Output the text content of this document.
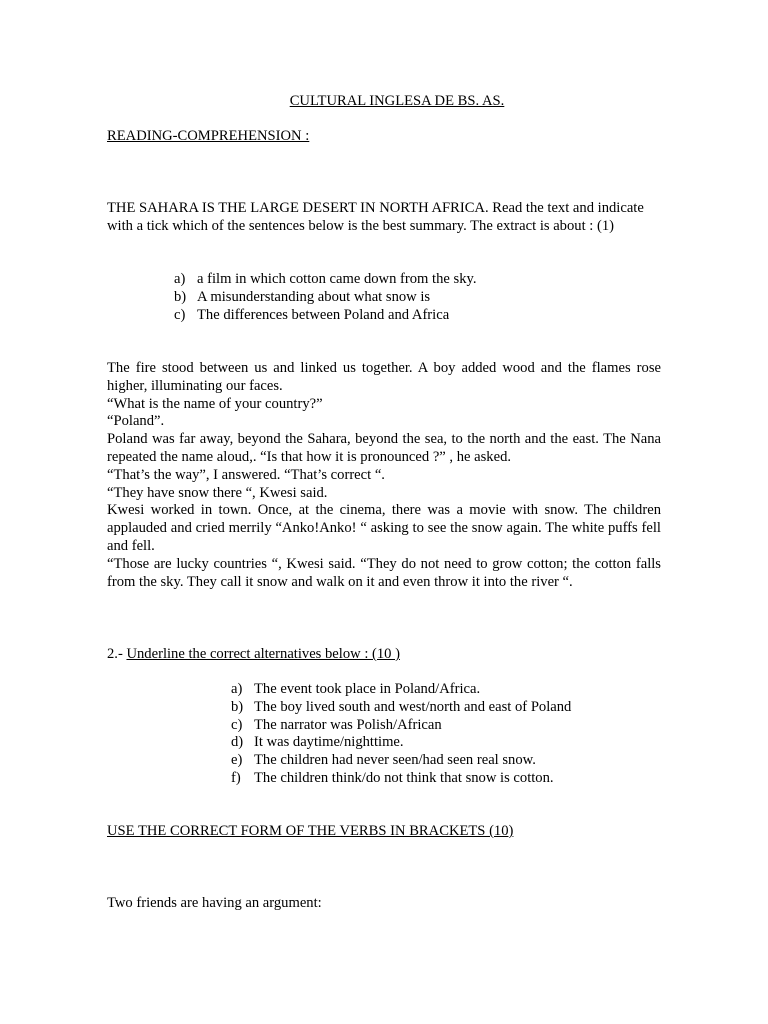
CULTURAL INGLESA DE BS. AS.
READING-COMPREHENSION :
THE SAHARA IS THE LARGE DESERT IN NORTH AFRICA. Read the text and indicate with a tick which of the sentences below is the best summary. The extract is about : (1)
a) a film in which cotton came down from the sky.
b) A misunderstanding about what snow is
c) The differences between Poland and Africa

The fire stood between us and linked us together. A boy added wood and the flames rose higher, illuminating our faces.

“What is the name of your country?”

“Poland”.

Poland was far away, beyond the Sahara, beyond the sea, to the north and the east. The Nana repeated the name aloud,. “Is that how it is pronounced ?” , he asked.

“That’s the way”, I answered. “That’s correct “.

“They have snow there “, Kwesi said.

Kwesi worked in town. Once, at the cinema, there was a movie with snow. The children applauded and cried merrily “Anko!Anko! “ asking to see the snow again. The white puffs fell and fell.

“Those are lucky countries “, Kwesi said. “They do not need to grow cotton; the cotton falls from the sky. They call it snow and walk on it and even throw it into the river “.

2.- Underline the correct alternatives below : (10 )
a) The event took place in Poland/Africa.
b) The boy lived south and west/north and east of Poland
c) The narrator was Polish/African
d) It was daytime/nighttime.
e) The children had never seen/had seen real snow.
f) The children think/do not think that snow is cotton.
USE THE CORRECT FORM OF THE VERBS IN BRACKETS (10)
Two friends are having an argument:
